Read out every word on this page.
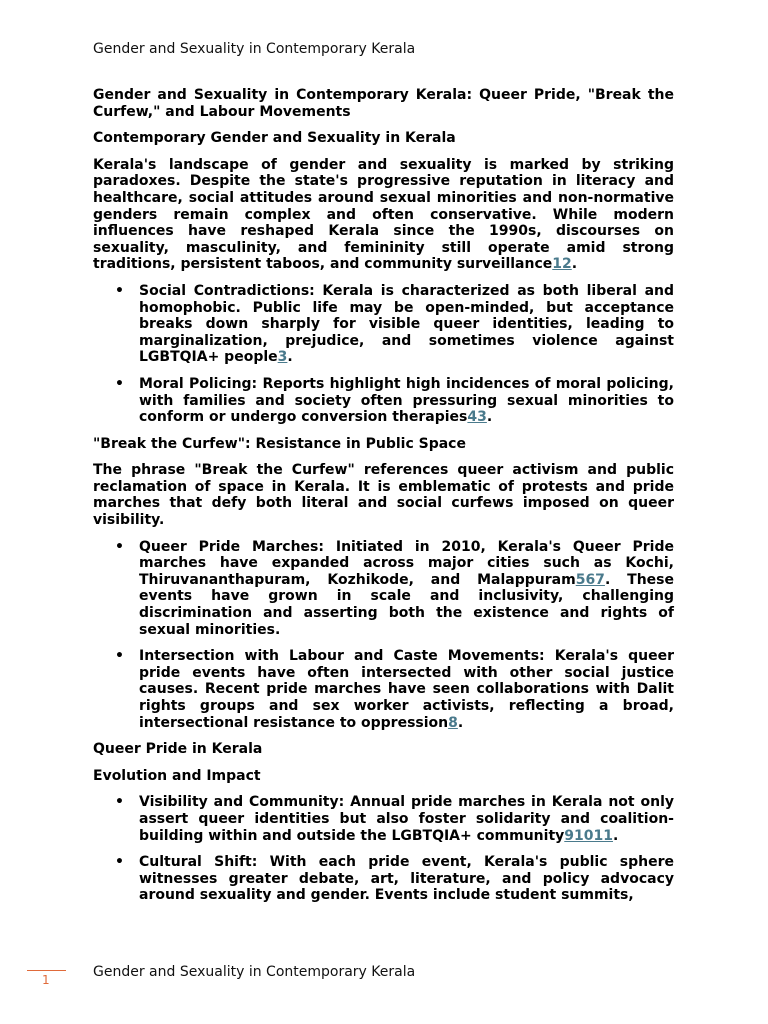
Gender and Sexuality in Contemporary Kerala

Gender and Sexuality in Contemporary Kerala: Queer Pride, "Break the Curfew," and Labour Movements

Contemporary Gender and Sexuality in Kerala

Kerala's landscape of gender and sexuality is marked by striking paradoxes. Despite the state's progressive reputation in literacy and healthcare, social attitudes around sexual minorities and non-normative genders remain complex and often conservative. While modern influences have reshaped Kerala since the 1990s, discourses on sexuality, masculinity, and femininity still operate amid strong traditions, persistent taboos, and community surveillance12.

• Social Contradictions: Kerala is characterized as both liberal and homophobic. Public life may be open-minded, but acceptance breaks down sharply for visible queer identities, leading to marginalization, prejudice, and sometimes violence against LGBTQIA+ people3.
• Moral Policing: Reports highlight high incidences of moral policing, with families and society often pressuring sexual minorities to conform or undergo conversion therapies43.
"Break the Curfew": Resistance in Public Space

The phrase "Break the Curfew" references queer activism and public reclamation of space in Kerala. It is emblematic of protests and pride marches that defy both literal and social curfews imposed on queer visibility.

• Queer Pride Marches: Initiated in 2010, Kerala's Queer Pride marches have expanded across major cities such as Kochi, Thiruvananthapuram, Kozhikode, and Malappuram567. These events have grown in scale and inclusivity, challenging discrimination and asserting both the existence and rights of sexual minorities.
• Intersection with Labour and Caste Movements: Kerala's queer pride events have often intersected with other social justice causes. Recent pride marches have seen collaborations with Dalit rights groups and sex worker activists, reflecting a broad, intersectional resistance to oppression8.
Queer Pride in Kerala
Evolution and Impact
• Visibility and Community: Annual pride marches in Kerala not only assert queer identities but also foster solidarity and coalition-building within and outside the LGBTQIA+ community91011.
• Cultural Shift: With each pride event, Kerala's public sphere witnesses greater debate, art, literature, and policy advocacy around sexuality and gender. Events include student summits,
1	Gender and Sexuality in Contemporary Kerala
